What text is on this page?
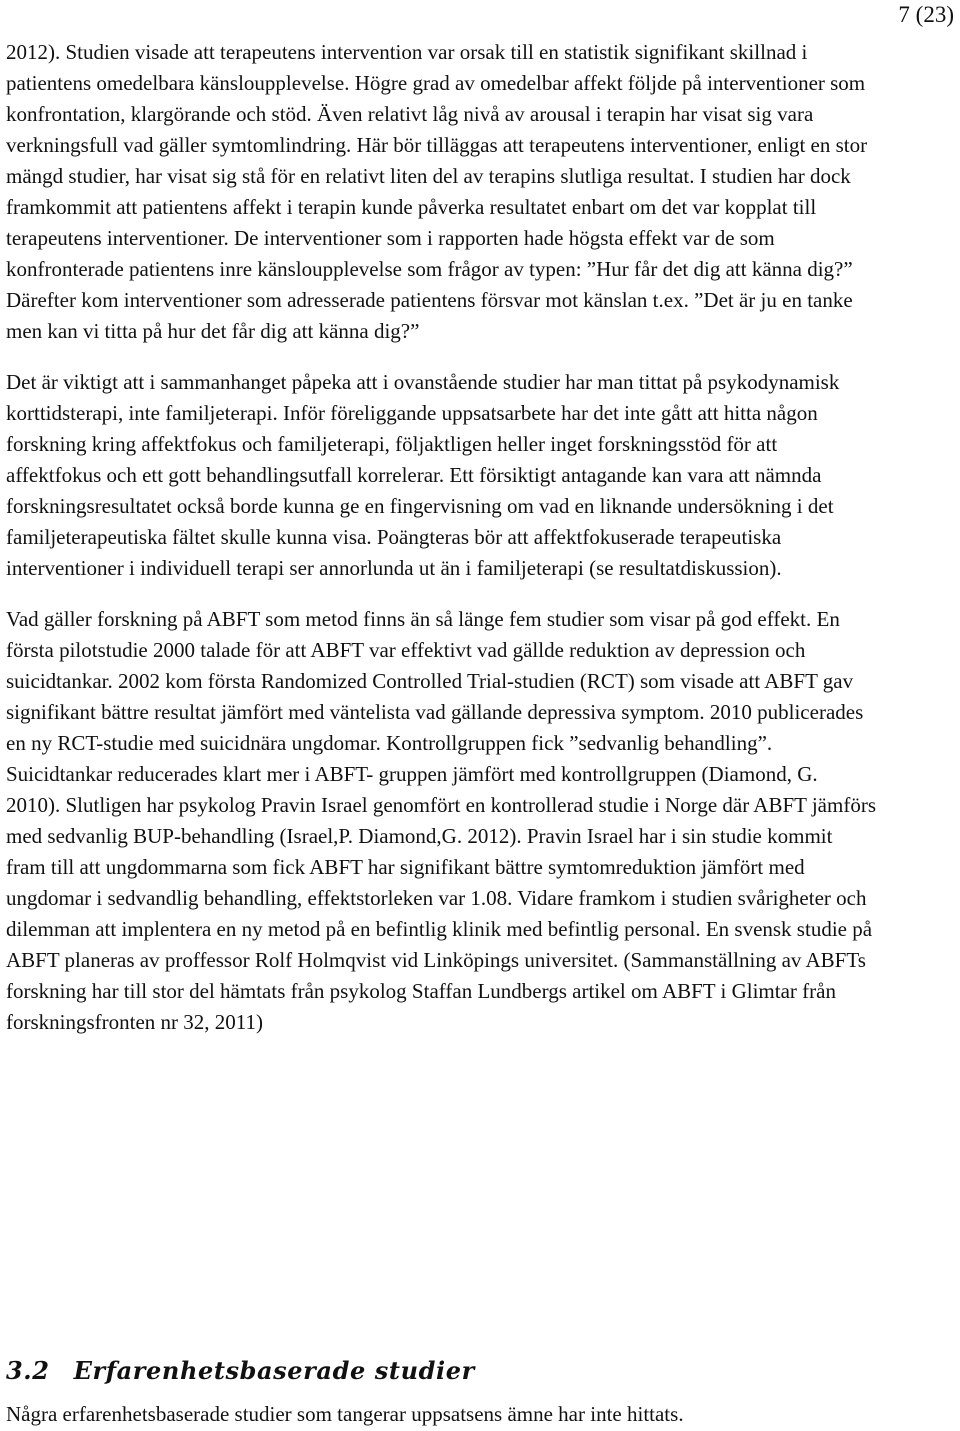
7 (23)

2012). Studien visade att terapeutens intervention var orsak till en statistik signifikant skillnad i patientens omedelbara känsloupplevelse. Högre grad av omedelbar affekt följde på interventioner som konfrontation, klargörande och stöd. Även relativt låg nivå av arousal i terapin har visat sig vara verkningsfull vad gäller symtomlindring. Här bör tilläggas att terapeutens interventioner, enligt en stor mängd studier, har visat sig stå för en relativt liten del av terapins slutliga resultat. I studien har dock framkommit att patientens affekt i terapin kunde påverka resultatet enbart om det var kopplat till terapeutens interventioner. De interventioner som i rapporten hade högsta effekt var de som konfronterade patientens inre känsloupplevelse som frågor av typen: ”Hur får det dig att känna dig?” Därefter kom interventioner som adresserade patientens försvar mot känslan t.ex. ”Det är ju en tanke men kan vi titta på hur det får dig att känna dig?”

Det är viktigt att i sammanhanget påpeka att i ovanstående studier har man tittat på psykodynamisk korttidsterapi, inte familjeterapi. Inför föreliggande uppsatsarbete har det inte gått att hitta någon forskning kring affektfokus och familjeterapi, följaktligen heller inget forskningsstöd för att affektfokus och ett gott behandlingsutfall korrelerar. Ett försiktigt antagande kan vara att nämnda forskningsresultatet också borde kunna ge en fingervisning om vad en liknande undersökning i det familjeterapeutiska fältet skulle kunna visa. Poängteras bör att affektfokuserade terapeutiska interventioner i individuell terapi ser annorlunda ut än i familjeterapi (se resultatdiskussion).

Vad gäller forskning på ABFT som metod finns än så länge fem studier som visar på god effekt. En första pilotstudie 2000 talade för att ABFT var effektivt vad gällde reduktion av depression och suicidtankar. 2002 kom första Randomized Controlled Trial-studien (RCT) som visade att ABFT gav signifikant bättre resultat jämfört med väntelista vad gällande depressiva symptom. 2010 publicerades en ny RCT-studie med suicidnära ungdomar. Kontrollgruppen fick ”sedvanlig behandling”. Suicidtankar reducerades klart mer i ABFT- gruppen jämfört med kontrollgruppen (Diamond, G. 2010). Slutligen har psykolog Pravin Israel genomfört en kontrollerad studie i Norge där ABFT jämförs med sedvanlig BUP-behandling (Israel,P. Diamond,G. 2012). Pravin Israel har i sin studie kommit fram till att ungdommarna som fick ABFT har signifikant bättre symtomreduktion jämfört med ungdomar i sedvandlig behandling, effektstorleken var 1.08. Vidare framkom i studien svårigheter och dilemman att implentera en ny metod på en befintlig klinik med befintlig personal. En svensk studie på ABFT planeras av proffessor Rolf Holmqvist vid Linköpings universitet. (Sammanställning av ABFTs forskning har till stor del hämtats från psykolog Staffan Lundbergs artikel om ABFT i Glimtar från forskningsfronten nr 32, 2011)

3.2 Erfarenhetsbaserade studier

Några erfarenhetsbaserade studier som tangerar uppsatsens ämne har inte hittats.
